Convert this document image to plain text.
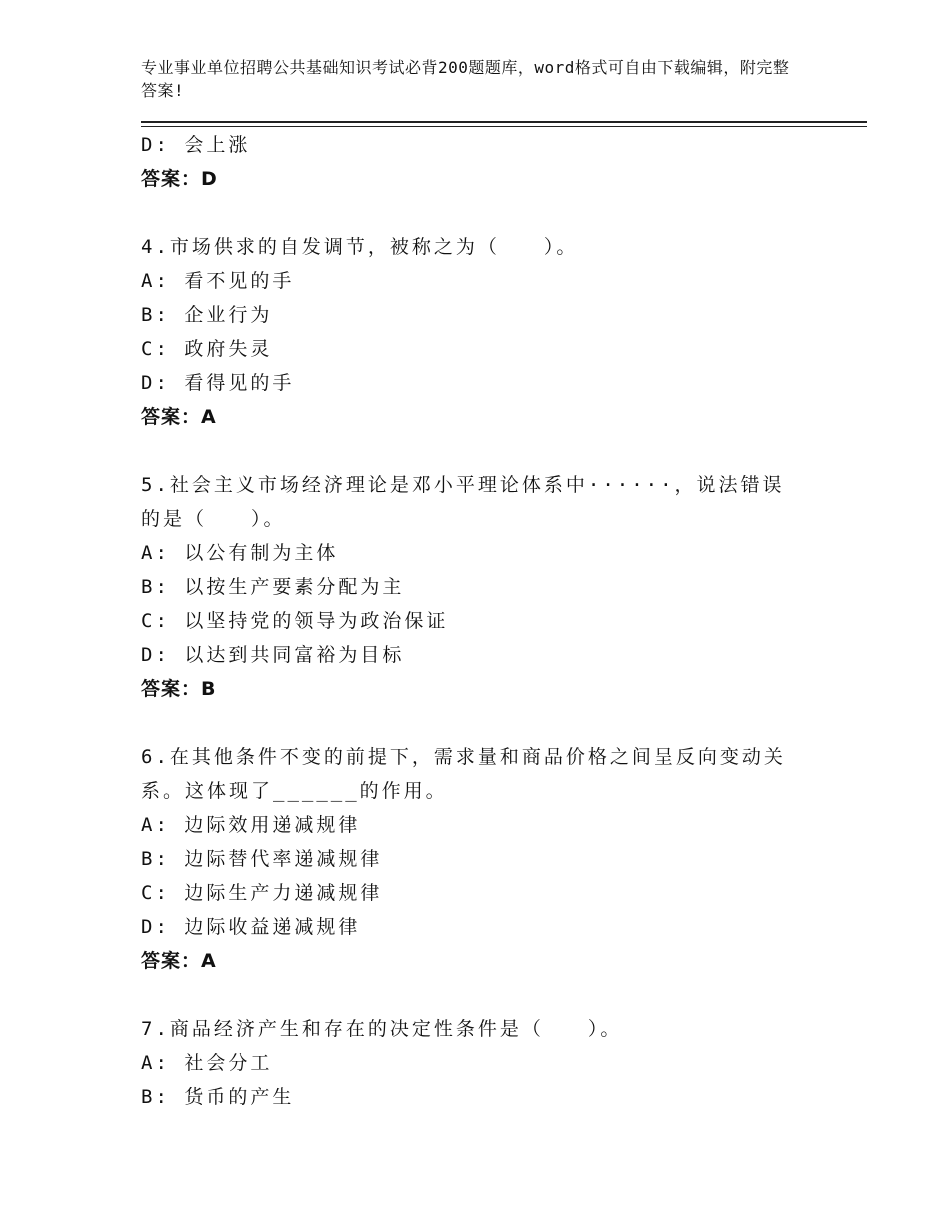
专业事业单位招聘公共基础知识考试必背200题题库，word格式可自由下载编辑，附完整答案!
D: 会上涨
答案：D
4.市场供求的自发调节，被称之为（　　）。
A: 看不见的手
B: 企业行为
C: 政府失灵
D: 看得见的手
答案：A
5.社会主义市场经济理论是邓小平理论体系中······，说法错误的是（　　）。
A: 以公有制为主体
B: 以按生产要素分配为主
C: 以坚持党的领导为政治保证
D: 以达到共同富裕为目标
答案：B
6.在其他条件不变的前提下，需求量和商品价格之间呈反向变动关系。这体现了______的作用。
A: 边际效用递减规律
B: 边际替代率递减规律
C: 边际生产力递减规律
D: 边际收益递减规律
答案：A
7.商品经济产生和存在的决定性条件是（　　）。
A: 社会分工
B: 货币的产生
